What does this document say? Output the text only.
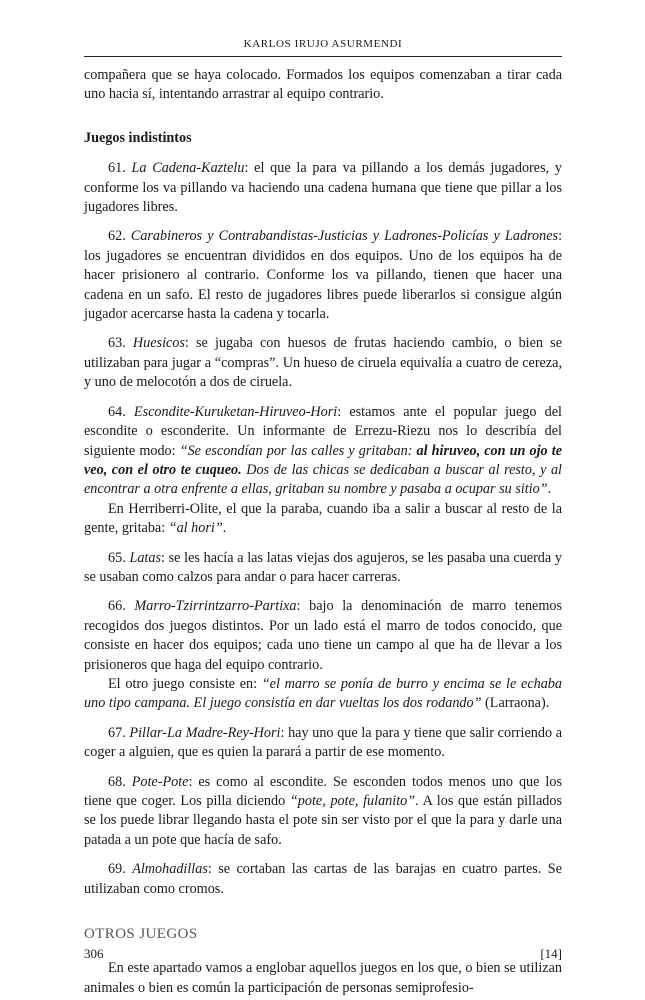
KARLOS IRUJO ASURMENDI

compañera que se haya colocado. Formados los equipos comenzaban a tirar cada uno hacia sí, intentando arrastrar al equipo contrario.

Juegos indistintos

61. La Cadena-Kaztelu: el que la para va pillando a los demás jugadores, y conforme los va pillando va haciendo una cadena humana que tiene que pillar a los jugadores libres.

62. Carabineros y Contrabandistas-Justicias y Ladrones-Policías y Ladrones: los jugadores se encuentran divididos en dos equipos. Uno de los equipos ha de hacer prisionero al contrario. Conforme los va pillando, tienen que hacer una cadena en un safo. El resto de jugadores libres puede liberarlos si consigue algún jugador acercarse hasta la cadena y tocarla.

63. Huesicos: se jugaba con huesos de frutas haciendo cambio, o bien se utilizaban para jugar a “compras”. Un hueso de ciruela equivalía a cuatro de cereza, y uno de melocotón a dos de ciruela.

64. Escondite-Kuruketan-Hiruveo-Hori: estamos ante el popular juego del escondite o esconderite. Un informante de Errezu-Riezu nos lo describía del siguiente modo: “Se escondían por las calles y gritaban: al hiruveo, con un ojo te veo, con el otro te cuqueo. Dos de las chicas se dedicaban a buscar al resto, y al encontrar a otra enfrente a ellas, gritaban su nombre y pasaba a ocupar su sitio”.

En Herriberri-Olite, el que la paraba, cuando iba a salir a buscar al resto de la gente, gritaba: “al hori”.

65. Latas: se les hacía a las latas viejas dos agujeros, se les pasaba una cuerda y se usaban como calzos para andar o para hacer carreras.

66. Marro-Tzirrintzarro-Partixa: bajo la denominación de marro tenemos recogidos dos juegos distintos. Por un lado está el marro de todos conocido, que consiste en hacer dos equipos; cada uno tiene un campo al que ha de llevar a los prisioneros que haga del equipo contrario.

El otro juego consiste en: “el marro se ponía de burro y encima se le echaba uno tipo campana. El juego consistía en dar vueltas los dos rodando” (Larraona).

67. Pillar-La Madre-Rey-Hori: hay uno que la para y tiene que salir corriendo a coger a alguien, que es quien la parará a partir de ese momento.

68. Pote-Pote: es como al escondite. Se esconden todos menos uno que los tiene que coger. Los pilla diciendo “pote, pote, fulanito”. A los que están pillados se los puede librar llegando hasta el pote sin ser visto por el que la para y darle una patada a un pote que hacía de safo.

69. Almohadillas: se cortaban las cartas de las barajas en cuatro partes. Se utilizaban como cromos.

OTROS JUEGOS

En este apartado vamos a englobar aquellos juegos en los que, o bien se utilizan animales o bien es común la participación de personas semiprofesio-

306	[14]
